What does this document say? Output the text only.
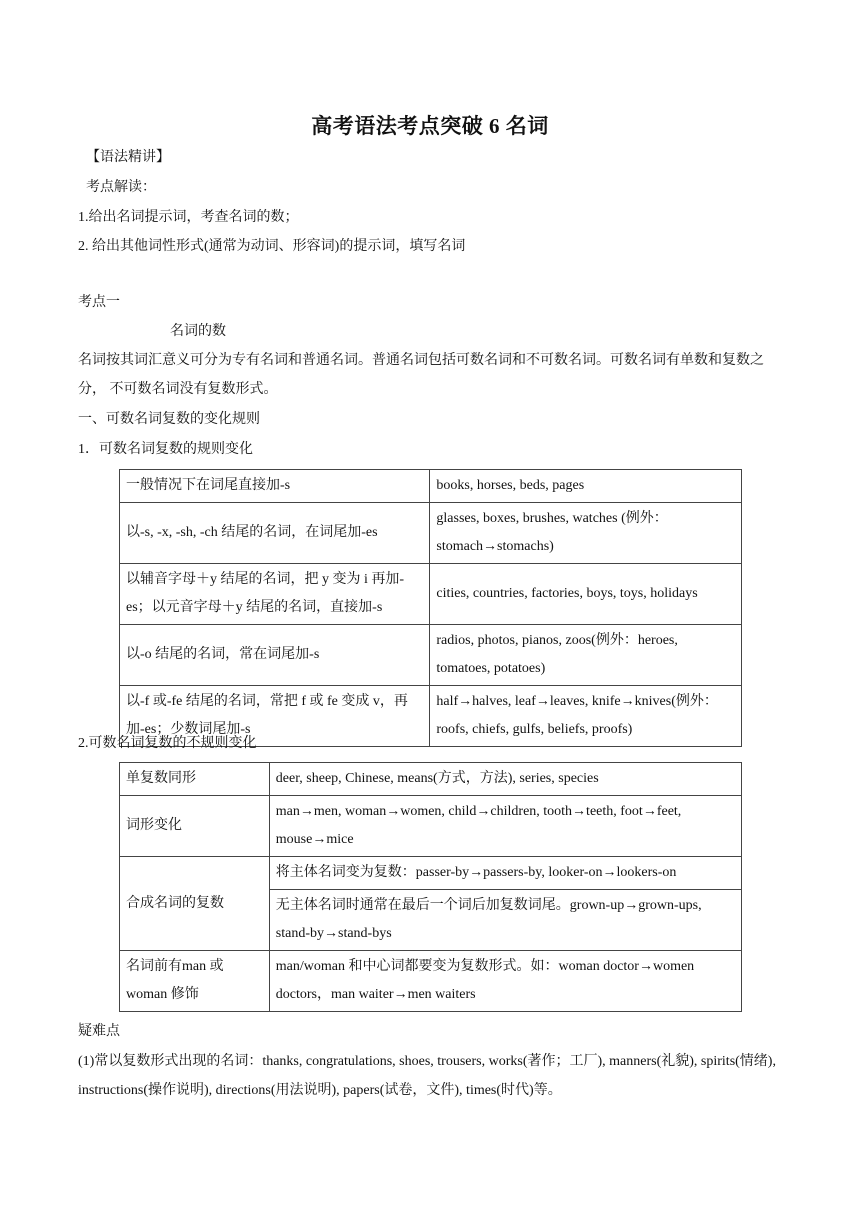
高考语法考点突破 6 名词
【语法精讲】
考点解读：
1.给出名词提示词，考查名词的数；
2. 给出其他词性形式(通常为动词、形容词)的提示词，填写名词
考点一
名词的数
名词按其词汇意义可分为专有名词和普通名词。普通名词包括可数名词和不可数名词。可数名词有单数和复数之分， 不可数名词没有复数形式。
一、可数名词复数的变化规则
1．可数名词复数的规则变化
一般情况下在词尾直接加-s	books, horses, beds, pages
以-s, -x, -sh, -ch 结尾的名词，在词尾加-es	glasses, boxes, brushes, watches (例外：stomach→stomachs)
以辅音字母＋y 结尾的名词，把 y 变为 i 再加-es；以元音字母＋y 结尾的名词，直接加-s	cities, countries, factories, boys, toys, holidays
以-o 结尾的名词，常在词尾加-s	radios, photos, pianos, zoos(例外：heroes, tomatoes, potatoes)
以-f 或-fe 结尾的名词，常把 f 或 fe 变成 v，再加-es；少数词尾加-s	half→halves, leaf→leaves, knife→knives(例外：roofs, chiefs, gulfs, beliefs, proofs)
2.可数名词复数的不规则变化
单复数同形	deer, sheep, Chinese, means(方式，方法), series, species
词形变化	man→men, woman→women, child→children, tooth→teeth, foot→feet, mouse→mice
合成名词的复数	将主体名词变为复数：passer-by→passers-by, looker-on→lookers-on
	无主体名词时通常在最后一个词后加复数词尾。grown-up→grown-ups, stand-by→stand-bys
名词前有man 或woman 修饰	man/woman 和中心词都要变为复数形式。如：woman doctor→women doctors，man waiter→men waiters
疑难点
(1)常以复数形式出现的名词：thanks, congratulations, shoes, trousers, works(著作；工厂), manners(礼貌), spirits(情绪), instructions(操作说明), directions(用法说明), papers(试卷，文件), times(时代)等。
